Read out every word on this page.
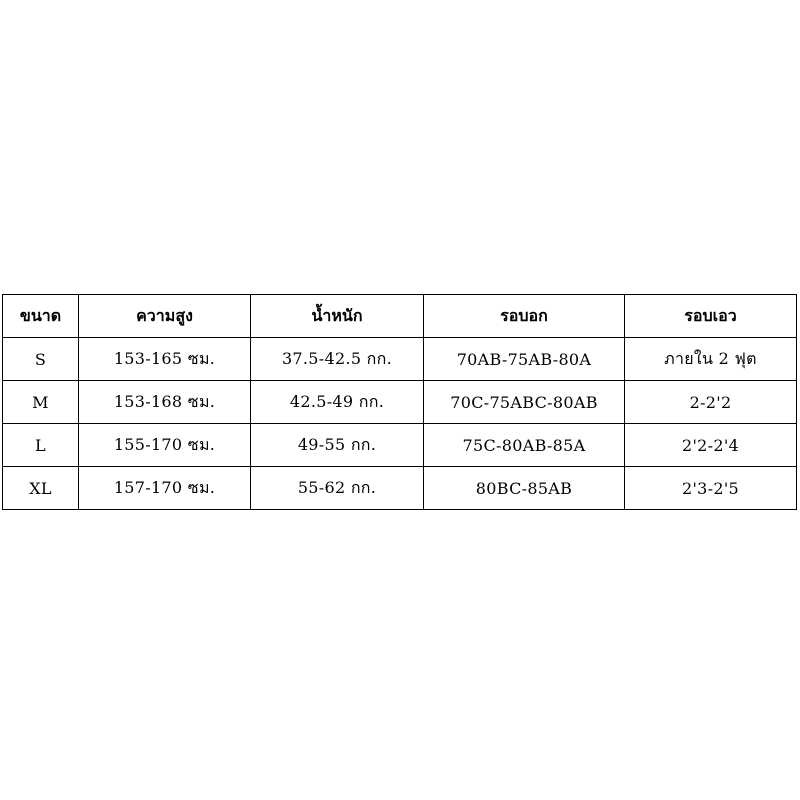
ขนาด	ความสูง	น้ำหนัก	รอบอก	รอบเอว
S	153-165 ซม.	37.5-42.5 กก.	70AB-75AB-80A	ภายใน 2 ฟุต
M	153-168 ซม.	42.5-49 กก.	70C-75ABC-80AB	2-2'2
L	155-170 ซม.	49-55 กก.	75C-80AB-85A	2'2-2'4
XL	157-170 ซม.	55-62 กก.	80BC-85AB	2'3-2'5
